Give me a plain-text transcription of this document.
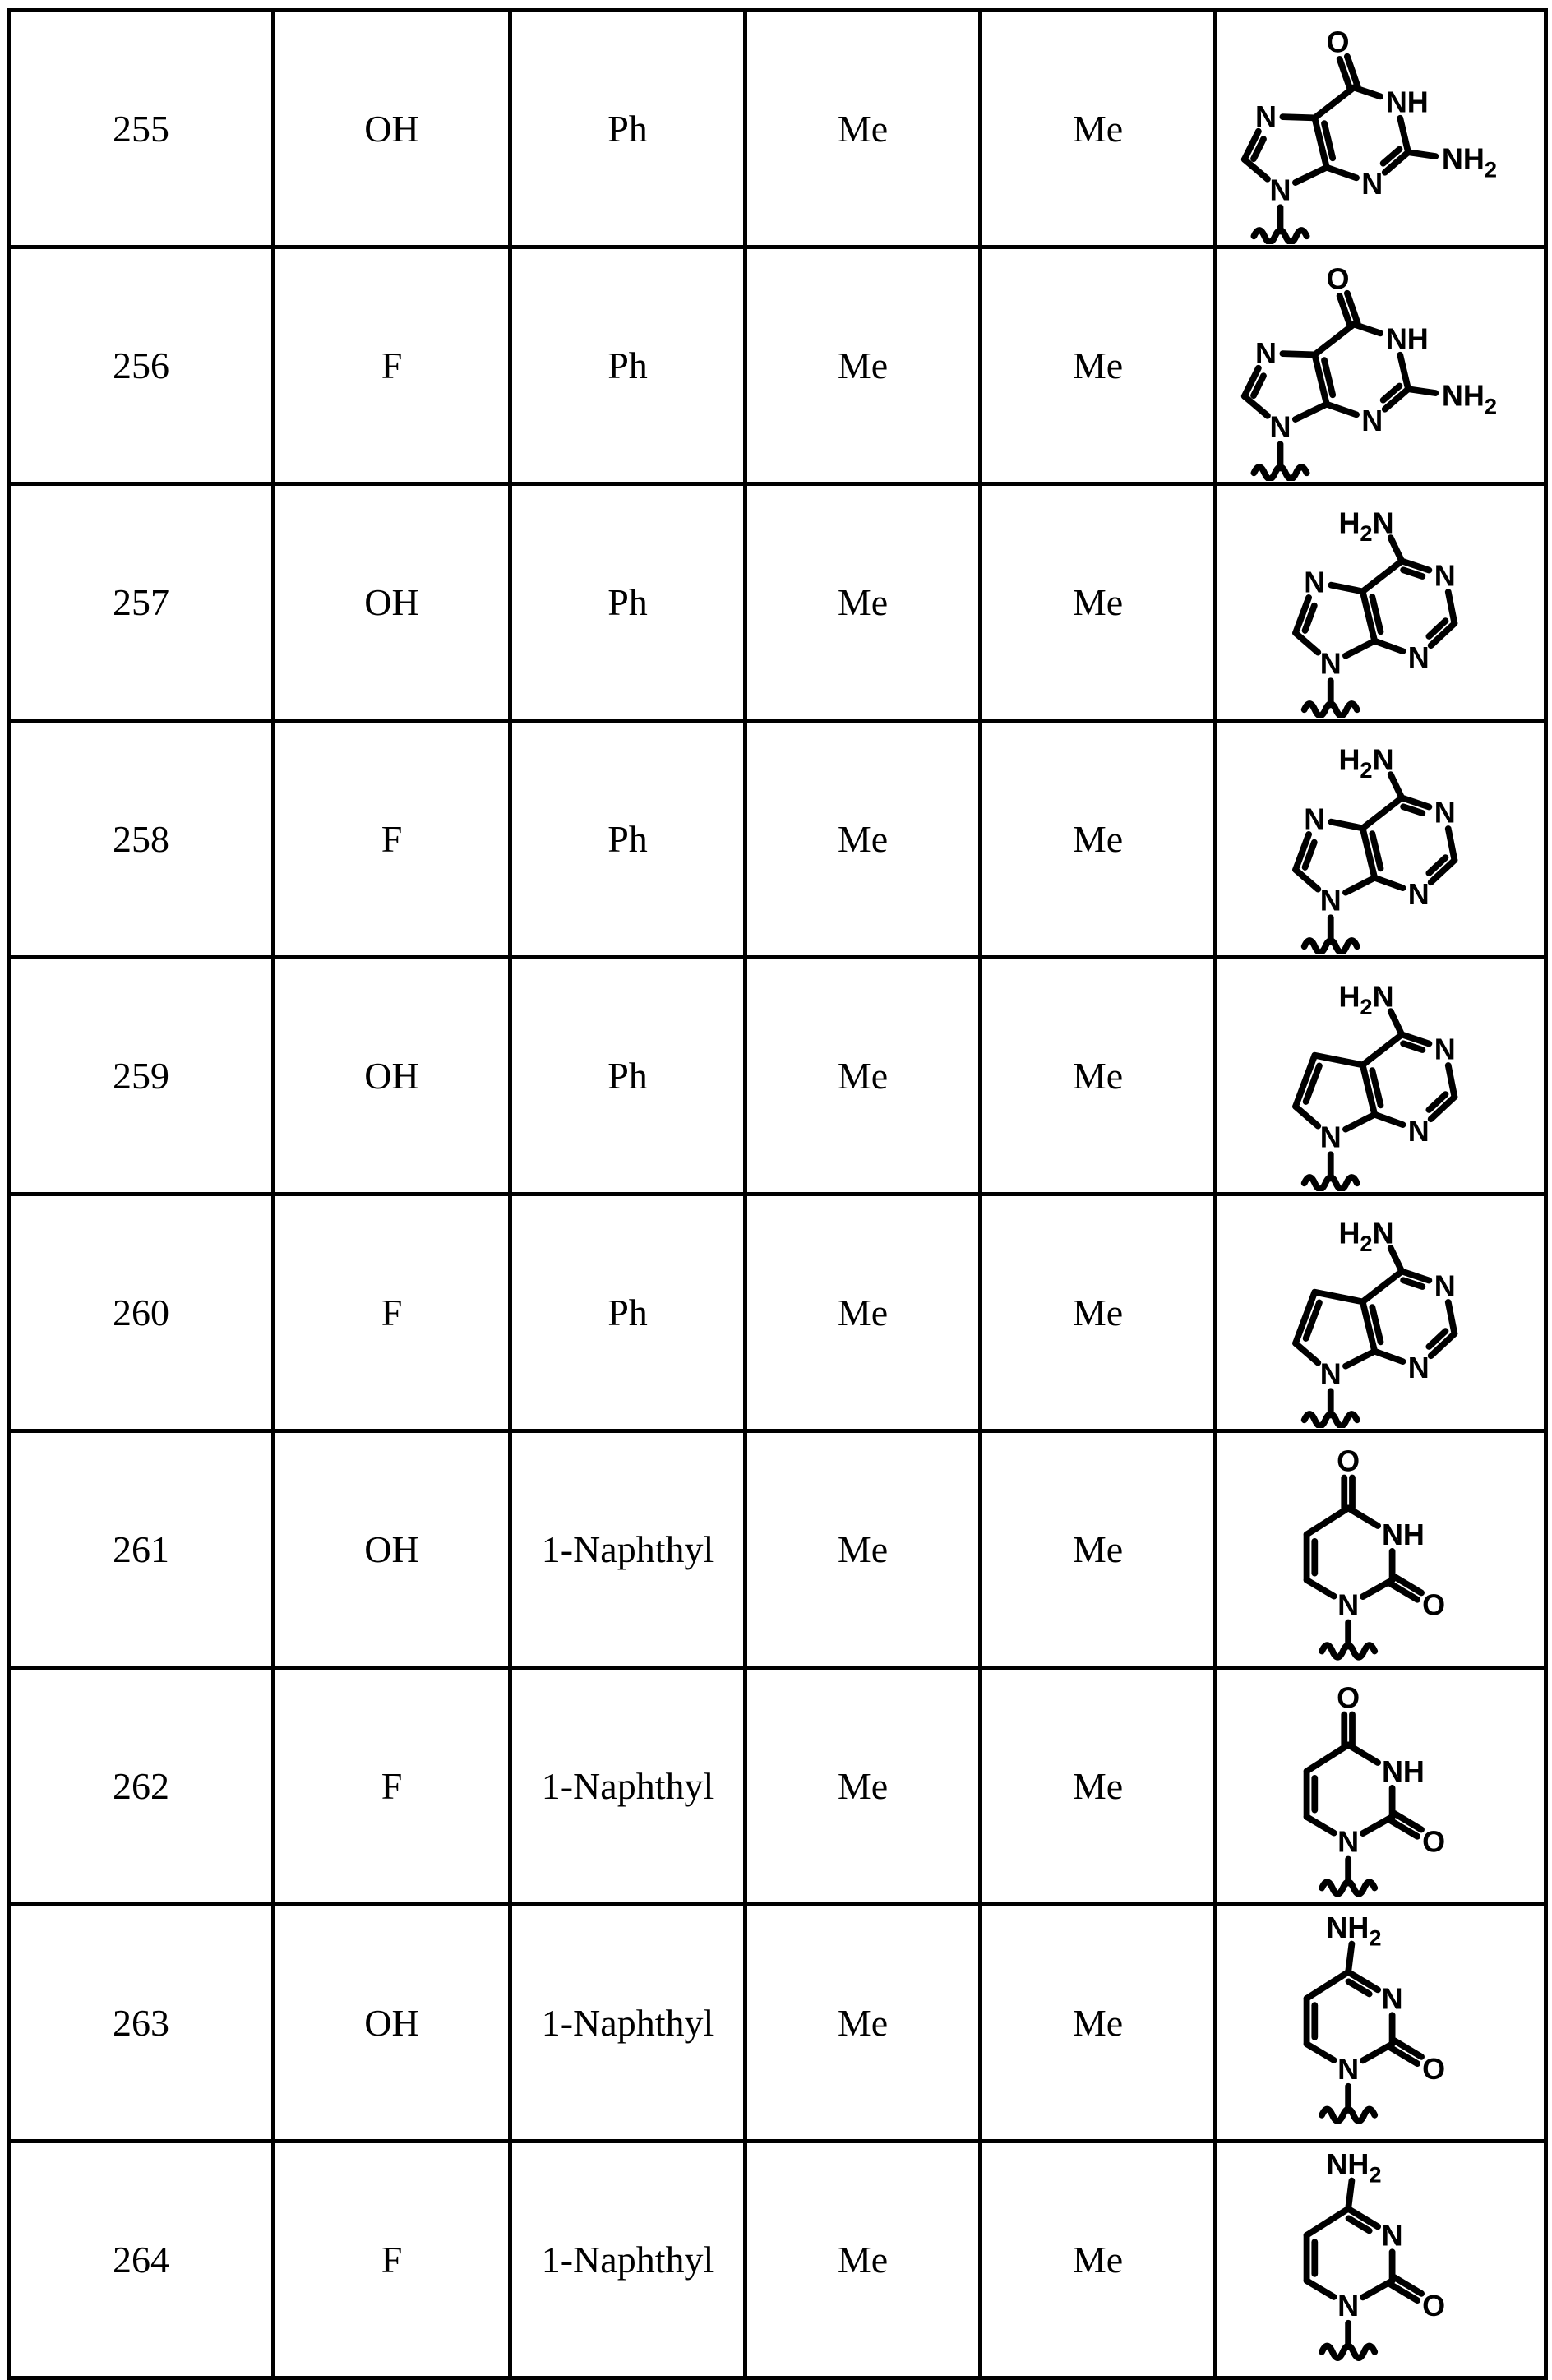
255	OH	Ph	Me	Me	
O
NH
$NH_2$
N
N
N

256	F	Ph	Me	Me	
O
NH
$NH_2$
N
N
N

257	OH	Ph	Me	Me	$H_2N$
N
N
N
N

258	F	Ph	Me	Me	$H_2N$
N
N
N
N

259	OH	Ph	Me	Me	$H_2N$
N
N
N

260	F	Ph	Me	Me	$H_2N$
N
N
N

261	OH	1-Naphthyl	Me	Me	O
NH
O
N

262	F	1-Naphthyl	Me	Me	O
NH
O
N

263	OH	1-Naphthyl	Me	Me	$NH_2$
N
O
N

264	F	1-Naphthyl	Me	Me	$NH_2$
N
O
N
